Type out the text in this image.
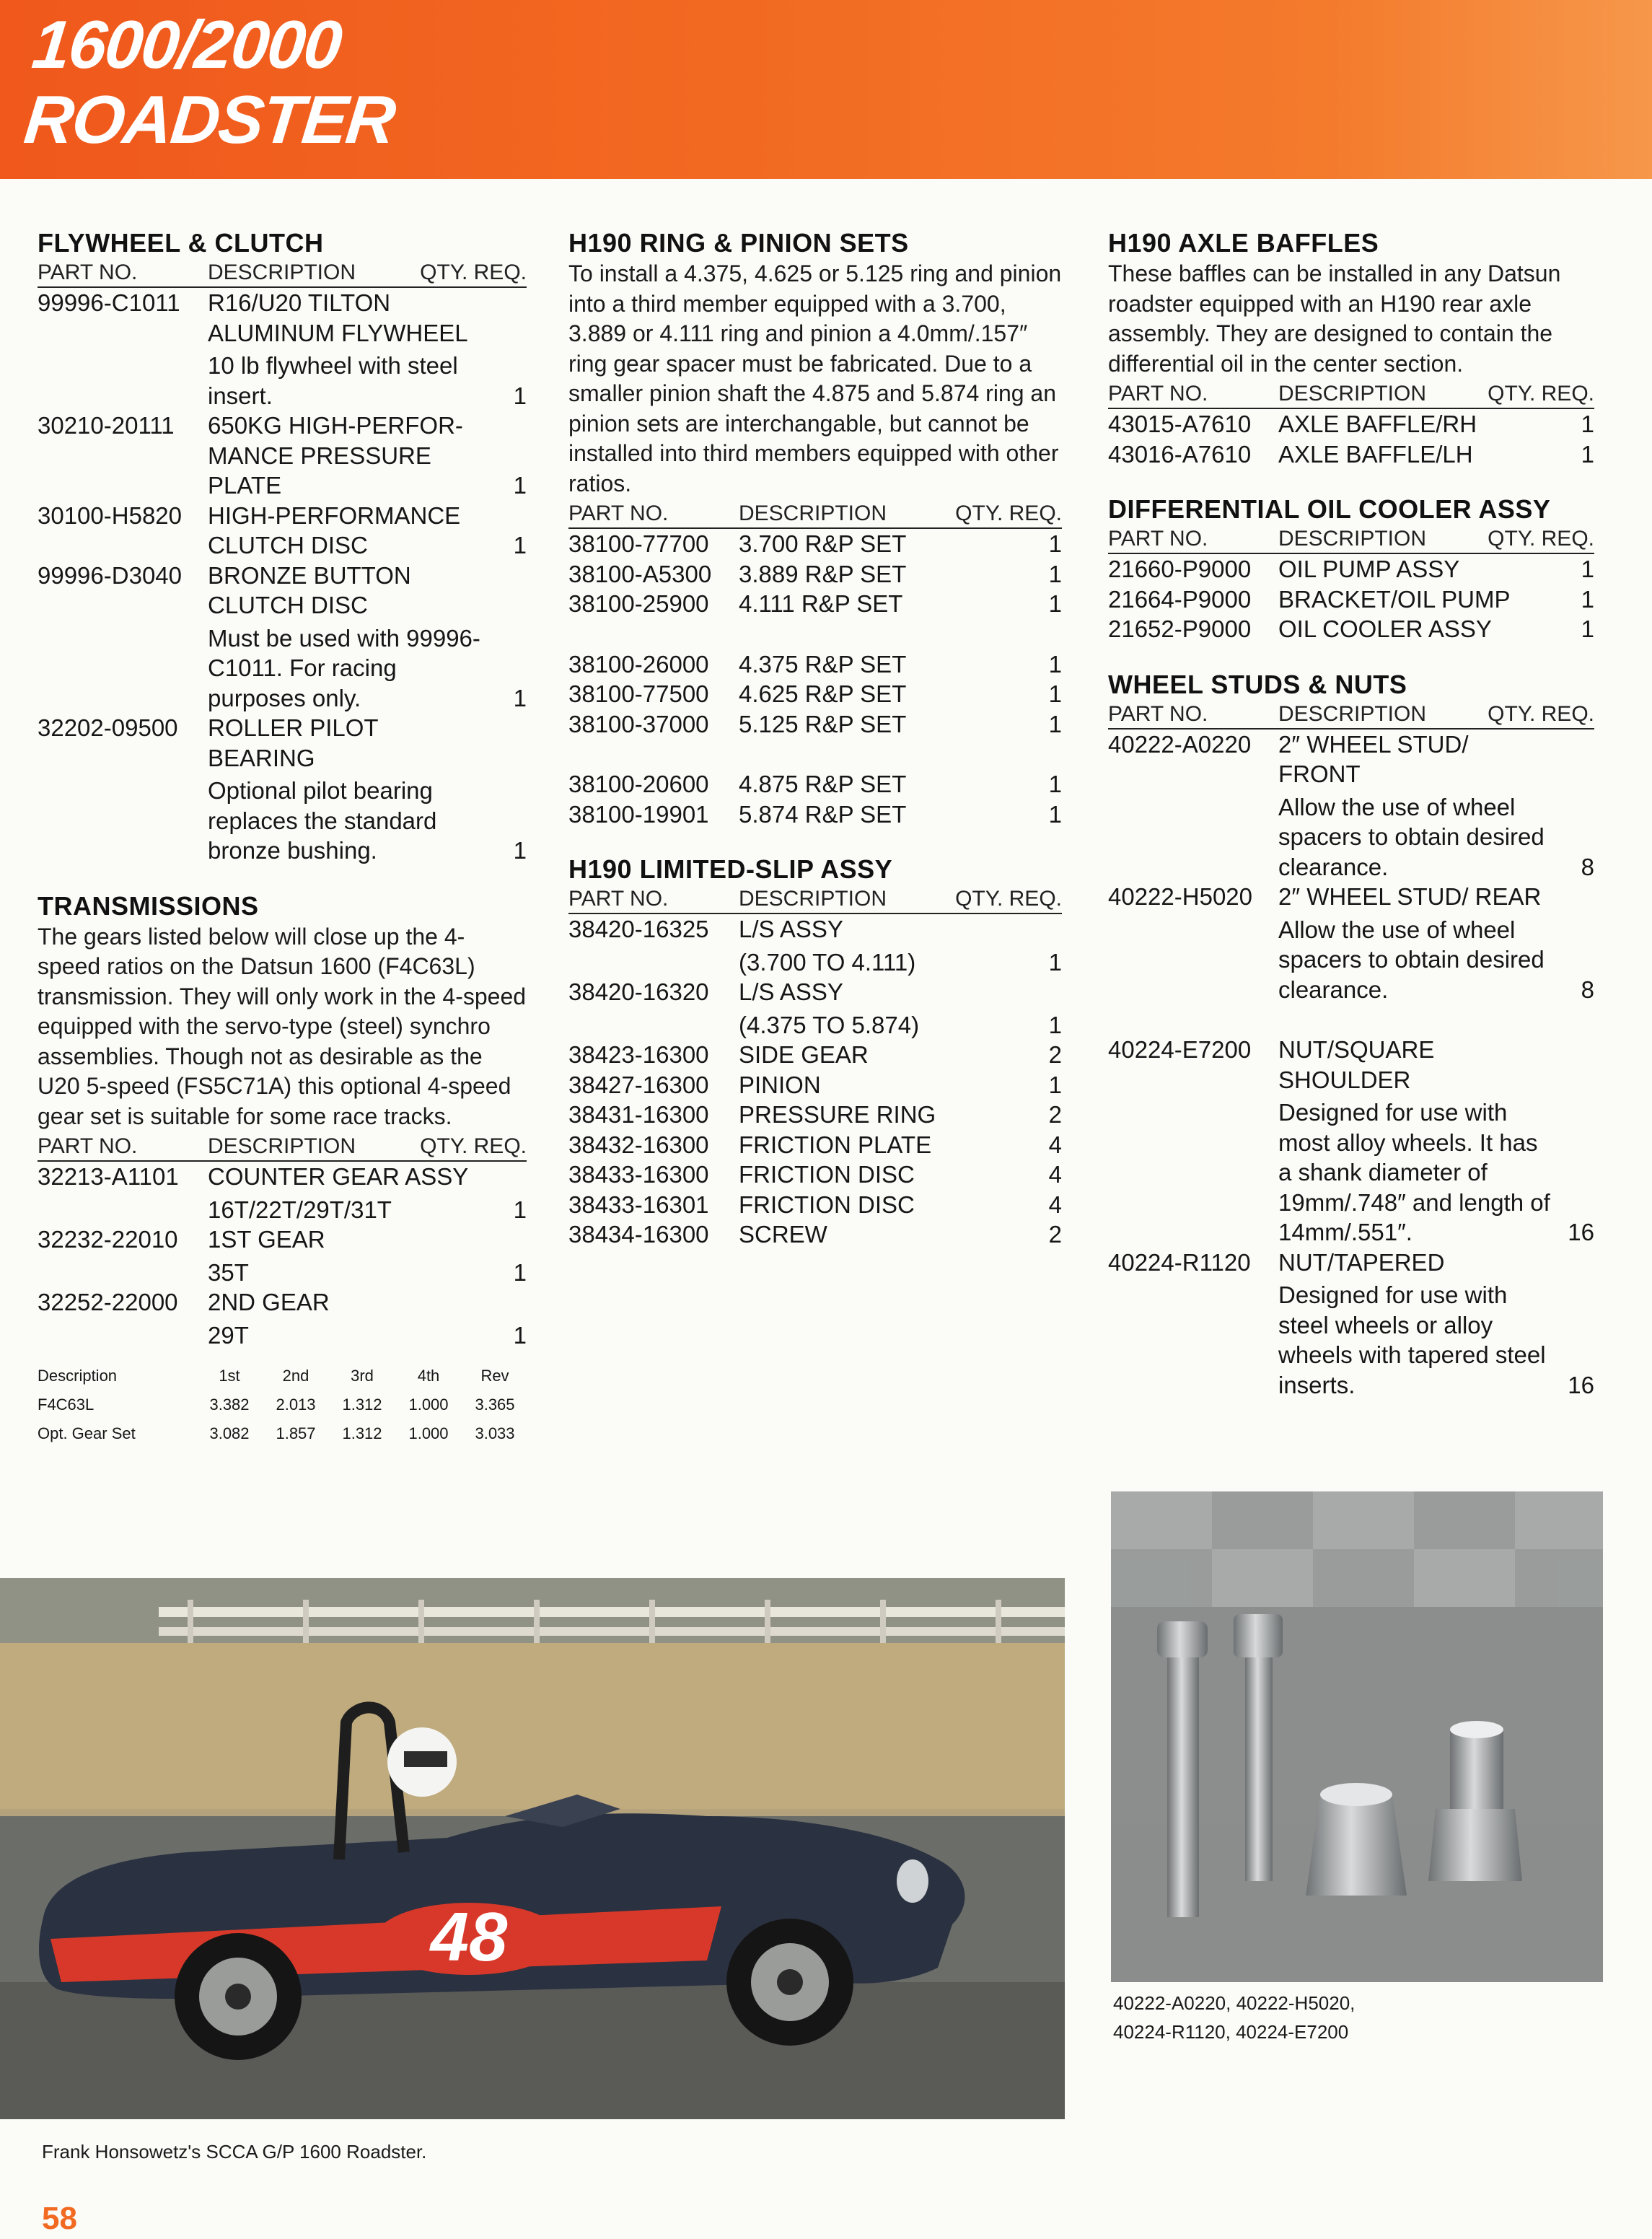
1600/2000
ROADSTER
FLYWHEEL & CLUTCH
PART NO.	DESCRIPTION	QTY. REQ.
99996-C1011	R16/U20 TILTON ALUMINUM FLYWHEEL
10 lb flywheel with steel insert.	1
30210-20111	650KG HIGH-PERFOR-MANCE PRESSURE PLATE	1
30100-H5820	HIGH-PERFORMANCE CLUTCH DISC	1
99996-D3040	BRONZE BUTTON CLUTCH DISC
Must be used with 99996-C1011. For racing purposes only.	1
32202-09500	ROLLER PILOT BEARING
Optional pilot bearing replaces the standard bronze bushing.	1
TRANSMISSIONS
The gears listed below will close up the 4-speed ratios on the Datsun 1600 (F4C63L) transmission. They will only work in the 4-speed equipped with the servo-type (steel) synchro assemblies. Though not as desirable as the U20 5-speed (FS5C71A) this optional 4-speed gear set is suitable for some race tracks.
PART NO.	DESCRIPTION	QTY. REQ.
32213-A1101	COUNTER GEAR ASSY
16T/22T/29T/31T	1
32232-22010	1ST GEAR
35T	1
32252-22000	2ND GEAR
29T	1
Description	1st	2nd	3rd	4th	Rev
F4C63L	3.382	2.013	1.312	1.000	3.365
Opt. Gear Set	3.082	1.857	1.312	1.000	3.033
H190 RING & PINION SETS
To install a 4.375, 4.625 or 5.125 ring and pinion into a third member equipped with a 3.700, 3.889 or 4.111 ring and pinion a 4.0mm/.157″ ring gear spacer must be fabricated. Due to a smaller pinion shaft the 4.875 and 5.874 ring an pinion sets are interchangable, but cannot be installed into third members equipped with other ratios.
PART NO.	DESCRIPTION	QTY. REQ.
38100-77700	3.700 R&P SET	1
38100-A5300	3.889 R&P SET	1
38100-25900	4.111 R&P SET	1
38100-26000	4.375 R&P SET	1
38100-77500	4.625 R&P SET	1
38100-37000	5.125 R&P SET	1
38100-20600	4.875 R&P SET	1
38100-19901	5.874 R&P SET	1
H190 LIMITED-SLIP ASSY
PART NO.	DESCRIPTION	QTY. REQ.
38420-16325	L/S ASSY
(3.700 TO 4.111)	1
38420-16320	L/S ASSY
(4.375 TO 5.874)	1
38423-16300	SIDE GEAR	2
38427-16300	PINION	1
38431-16300	PRESSURE RING	2
38432-16300	FRICTION PLATE	4
38433-16300	FRICTION DISC	4
38433-16301	FRICTION DISC	4
38434-16300	SCREW	2
H190 AXLE BAFFLES
These baffles can be installed in any Datsun roadster equipped with an H190 rear axle assembly. They are designed to contain the differential oil in the center section.
PART NO.	DESCRIPTION	QTY. REQ.
43015-A7610	AXLE BAFFLE/RH	1
43016-A7610	AXLE BAFFLE/LH	1
DIFFERENTIAL OIL COOLER ASSY
PART NO.	DESCRIPTION	QTY. REQ.
21660-P9000	OIL PUMP ASSY	1
21664-P9000	BRACKET/OIL PUMP	1
21652-P9000	OIL COOLER ASSY	1
WHEEL STUDS & NUTS
PART NO.	DESCRIPTION	QTY. REQ.
40222-A0220	2″ WHEEL STUD/ FRONT
Allow the use of wheel spacers to obtain desired clearance.	8
40222-H5020	2″ WHEEL STUD/ REAR
Allow the use of wheel spacers to obtain desired clearance.	8
40224-E7200	NUT/SQUARE SHOULDER
Designed for use with most alloy wheels. It has a shank diameter of 19mm/.748″ and length of 14mm/.551″.	16
40224-R1120	NUT/TAPERED
Designed for use with steel wheels or alloy wheels with tapered steel inserts.	16
48
Frank Honsowetz's SCCA G/P 1600 Roadster.
40222-A0220, 40222-H5020,
40224-R1120, 40224-E7200
58
